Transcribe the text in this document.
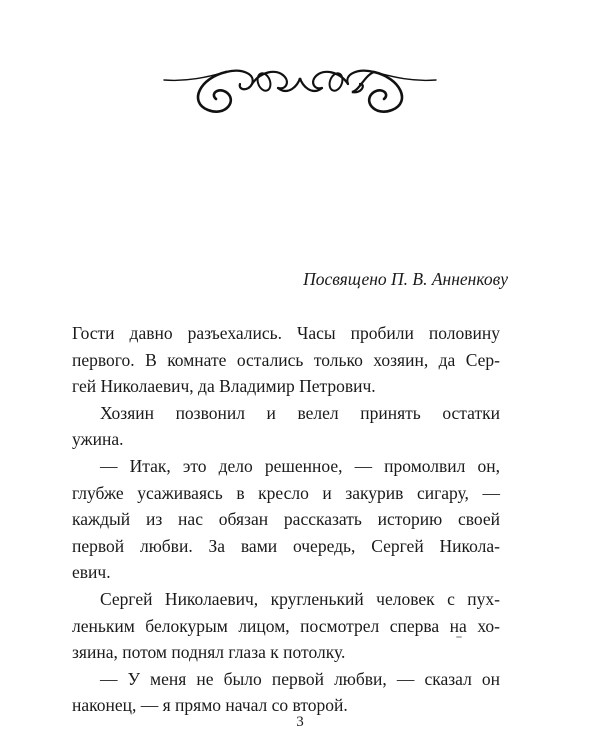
Посвящено П. В. Анненкову
Гости давно разъехались. Часы пробили половину
первого. В комнате остались только хозяин, да Сер-
гей Николаевич, да Владимир Петрович.
Хозяин позвонил и велел принять остатки
ужина.
— Итак, это дело решенное, — промолвил он,
глубже усаживаясь в кресло и закурив сигару, —
каждый из нас обязан рассказать историю своей
первой любви. За вами очередь, Сергей Никола-
евич.
Сергей Николаевич, кругленький человек с пух-
леньким белокурым лицом, посмотрел сперва на хо-
зяина, потом поднял глаза к потолку.
— У меня не было первой любви, — сказал он
наконец, — я прямо начал со второй.
3
